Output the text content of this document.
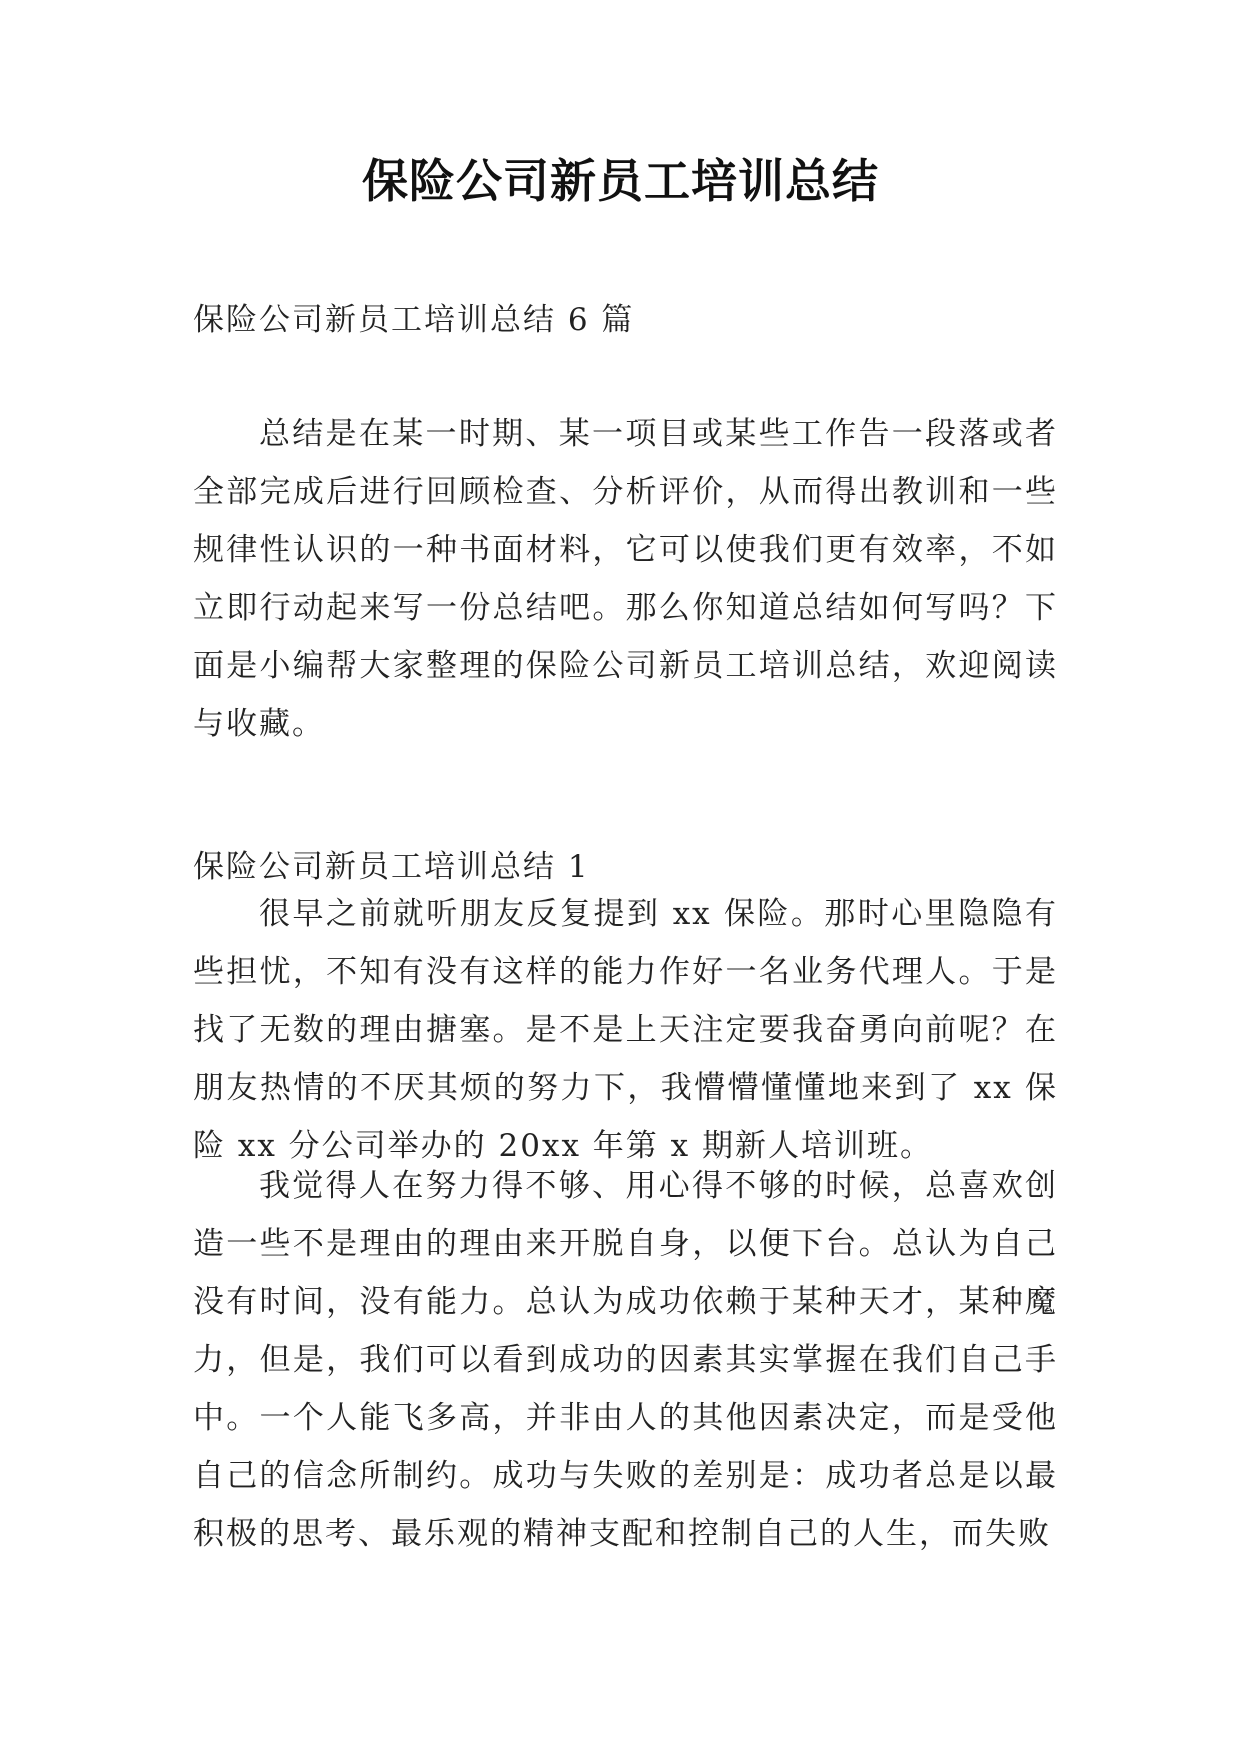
保险公司新员工培训总结

保险公司新员工培训总结 6 篇

总结是在某一时期、某一项目或某些工作告一段落或者全部完成后进行回顾检查、分析评价，从而得出教训和一些规律性认识的一种书面材料，它可以使我们更有效率，不如立即行动起来写一份总结吧。那么你知道总结如何写吗？下面是小编帮大家整理的保险公司新员工培训总结，欢迎阅读与收藏。

保险公司新员工培训总结 1

很早之前就听朋友反复提到 xx 保险。那时心里隐隐有些担忧，不知有没有这样的能力作好一名业务代理人。于是找了无数的理由搪塞。是不是上天注定要我奋勇向前呢？在朋友热情的不厌其烦的努力下，我懵懵懂懂地来到了 xx 保险 xx 分公司举办的 20xx 年第 x 期新人培训班。

我觉得人在努力得不够、用心得不够的时候，总喜欢创造一些不是理由的理由来开脱自身，以便下台。总认为自己没有时间，没有能力。总认为成功依赖于某种天才，某种魔力，但是，我们可以看到成功的因素其实掌握在我们自己手中。一个人能飞多高，并非由人的其他因素决定，而是受他自己的信念所制约。成功与失败的差别是：成功者总是以最积极的思考、最乐观的精神支配和控制自己的人生，而失败
